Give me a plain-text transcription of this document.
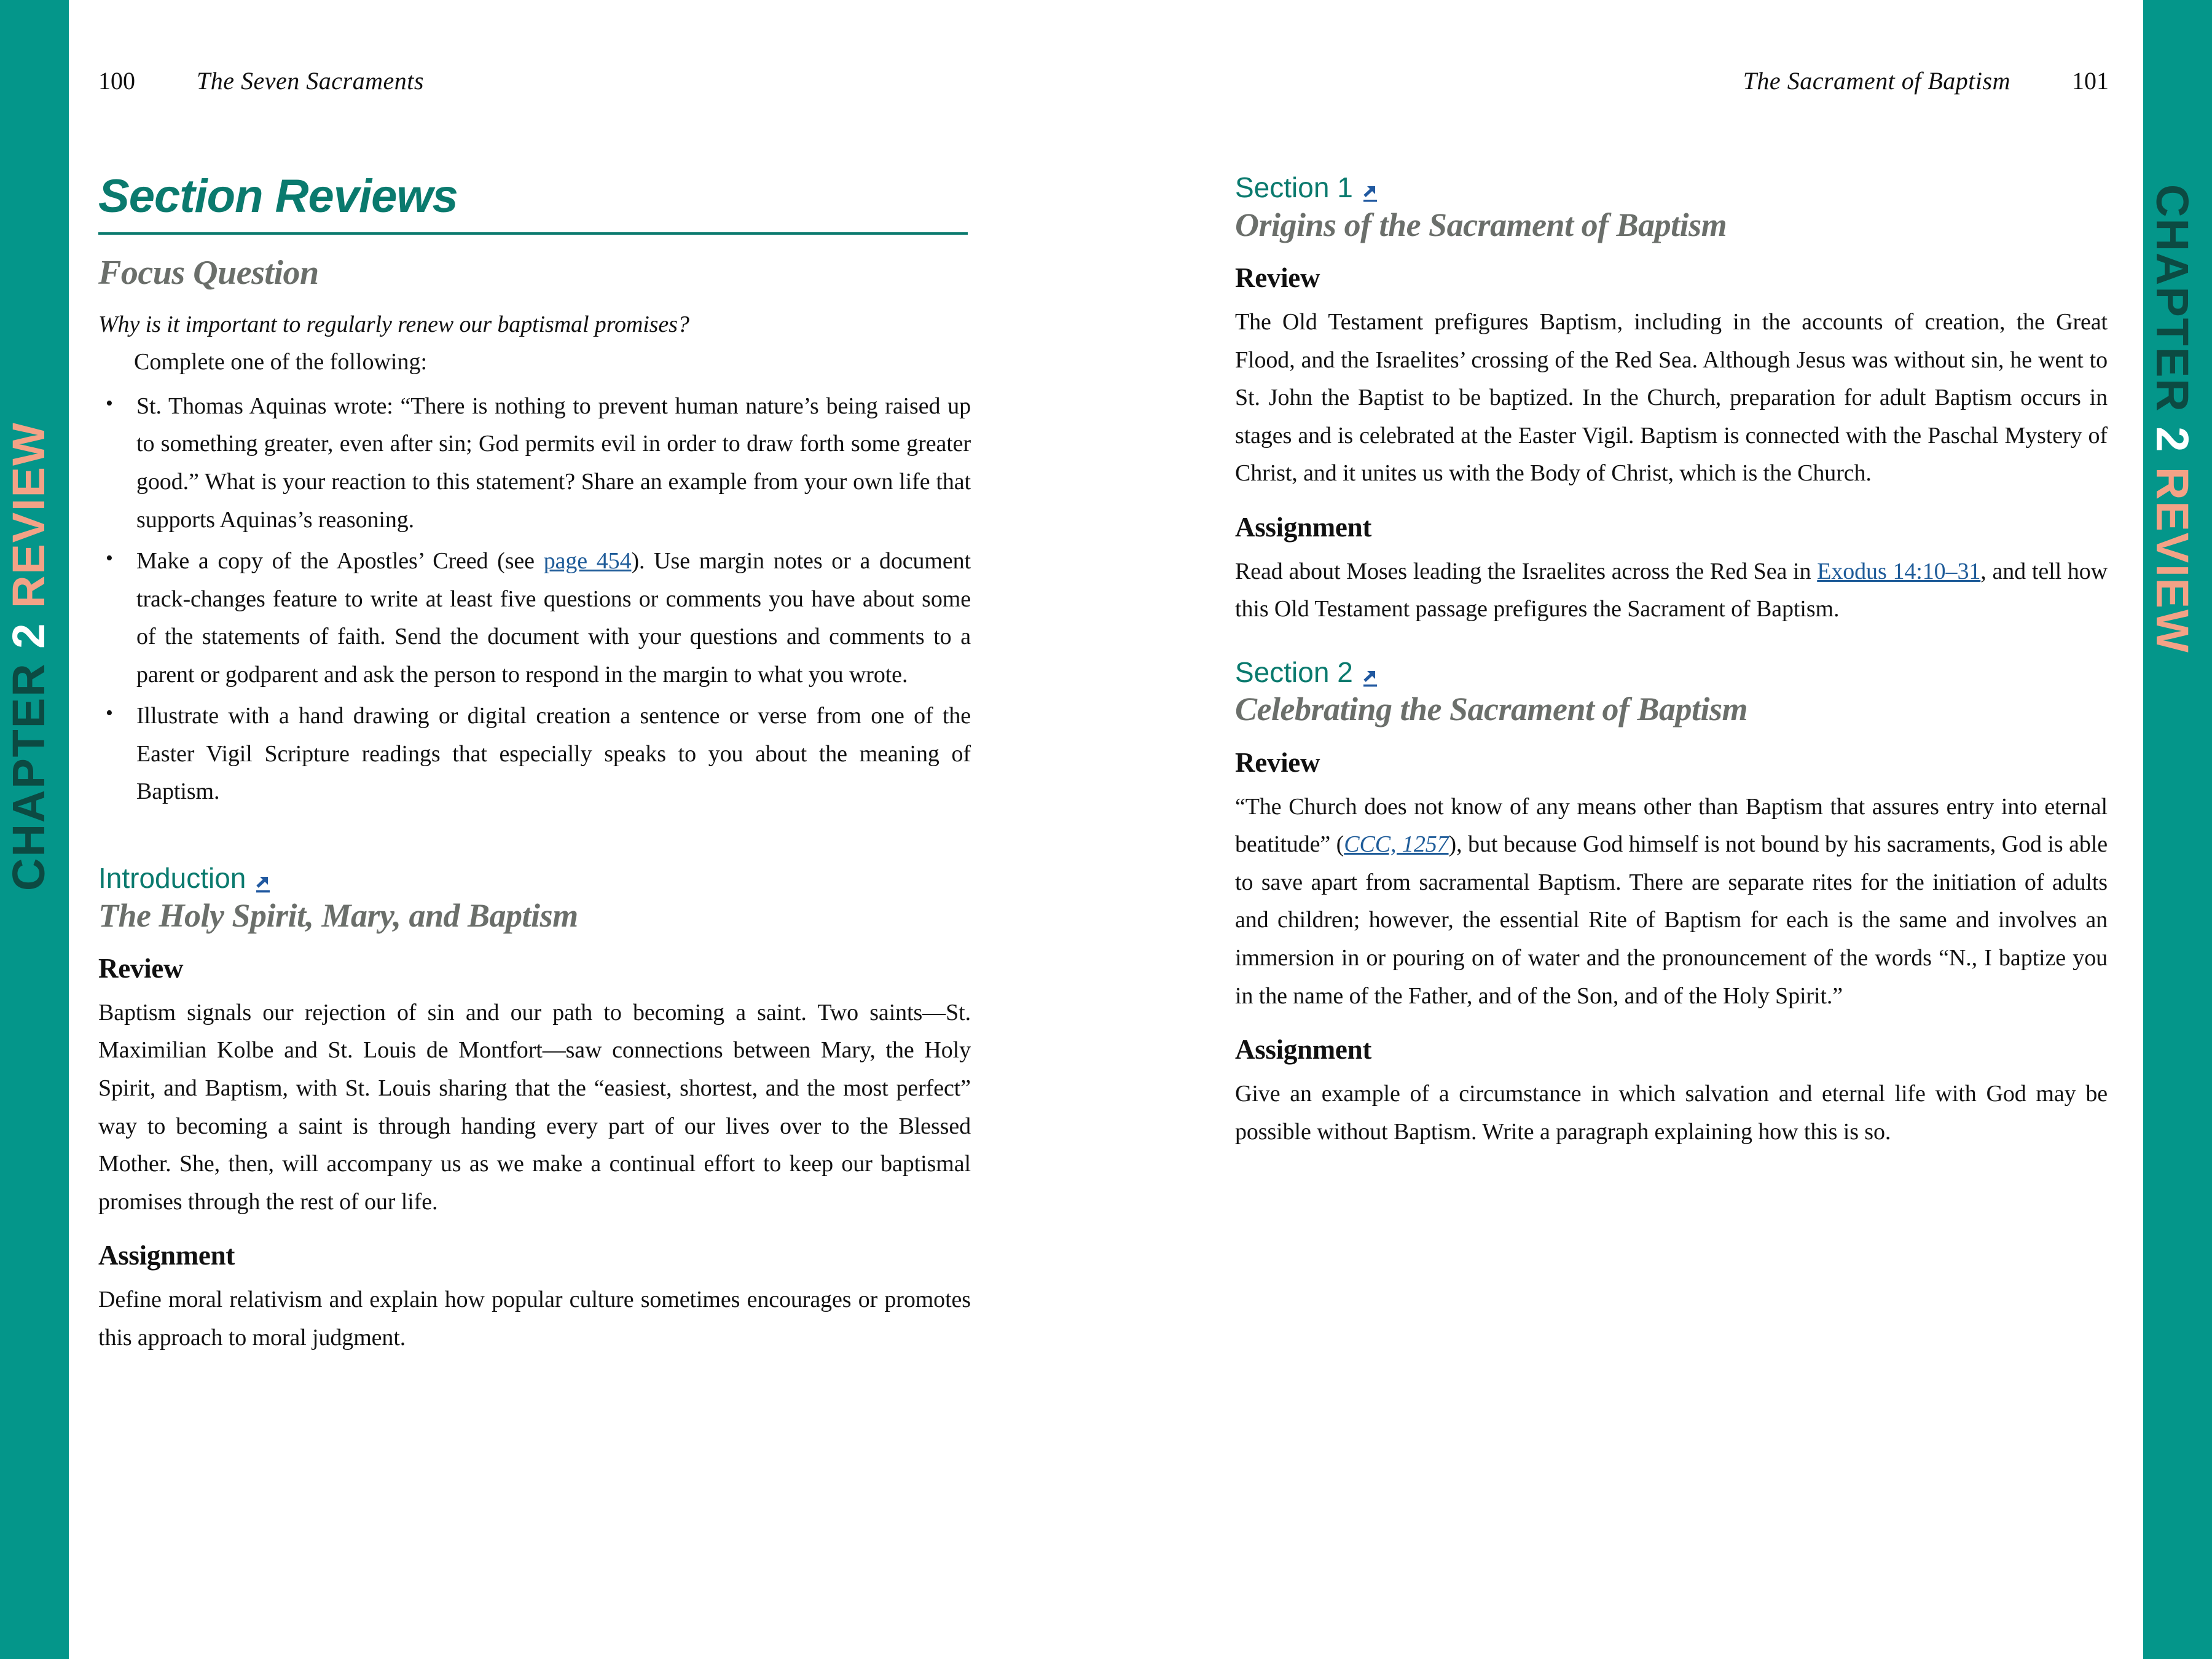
CHAPTER 2 REVIEW
CHAPTER 2 REVIEW
100	The Seven Sacraments	The Sacrament of Baptism	101
Section Reviews
Focus Question

Why is it important to regularly renew our baptismal promises?

Complete one of the following:

• St. Thomas Aquinas wrote: “There is nothing to prevent human nature’s being raised up to something greater, even after sin; God permits evil in order to draw forth some greater good.” What is your reaction to this statement? Share an example from your own life that supports Aquinas’s reasoning.
• Make a copy of the Apostles’ Creed (see page 454). Use margin notes or a document track-changes feature to write at least five questions or comments you have about some of the statements of faith. Send the document with your questions and comments to a parent or godparent and ask the person to respond in the margin to what you wrote.
• Illustrate with a hand drawing or digital creation a sentence or verse from one of the Easter Vigil Scripture readings that especially speaks to you about the meaning of Baptism.
Introduction
The Holy Spirit, Mary, and Baptism
Review

Baptism signals our rejection of sin and our path to becoming a saint. Two saints—St. Maximilian Kolbe and St. Louis de Montfort—saw connections between Mary, the Holy Spirit, and Baptism, with St. Louis sharing that the “easiest, shortest, and the most perfect” way to becoming a saint is through handing every part of our lives over to the Blessed Mother. She, then, will accompany us as we make a continual effort to keep our baptismal promises through the rest of our life.

Assignment

Define moral relativism and explain how popular culture sometimes encourages or promotes this approach to moral judgment.

Section 1
Origins of the Sacrament of Baptism
Review

The Old Testament prefigures Baptism, including in the accounts of creation, the Great Flood, and the Israelites’ crossing of the Red Sea. Although Jesus was without sin, he went to St. John the Baptist to be baptized. In the Church, preparation for adult Baptism occurs in stages and is celebrated at the Easter Vigil. Baptism is connected with the Paschal Mystery of Christ, and it unites us with the Body of Christ, which is the Church.

Assignment

Read about Moses leading the Israelites across the Red Sea in Exodus 14:10–31, and tell how this Old Testament passage prefigures the Sacrament of Baptism.

Section 2
Celebrating the Sacrament of Baptism
Review

“The Church does not know of any means other than Baptism that assures entry into eternal beatitude” (CCC, 1257), but because God himself is not bound by his sacraments, God is able to save apart from sacramental Baptism. There are separate rites for the initiation of adults and children; however, the essential Rite of Baptism for each is the same and involves an immersion in or pouring on of water and the pronouncement of the words “N., I baptize you in the name of the Father, and of the Son, and of the Holy Spirit.”

Assignment

Give an example of a circumstance in which salvation and eternal life with God may be possible without Baptism. Write a paragraph explaining how this is so.
